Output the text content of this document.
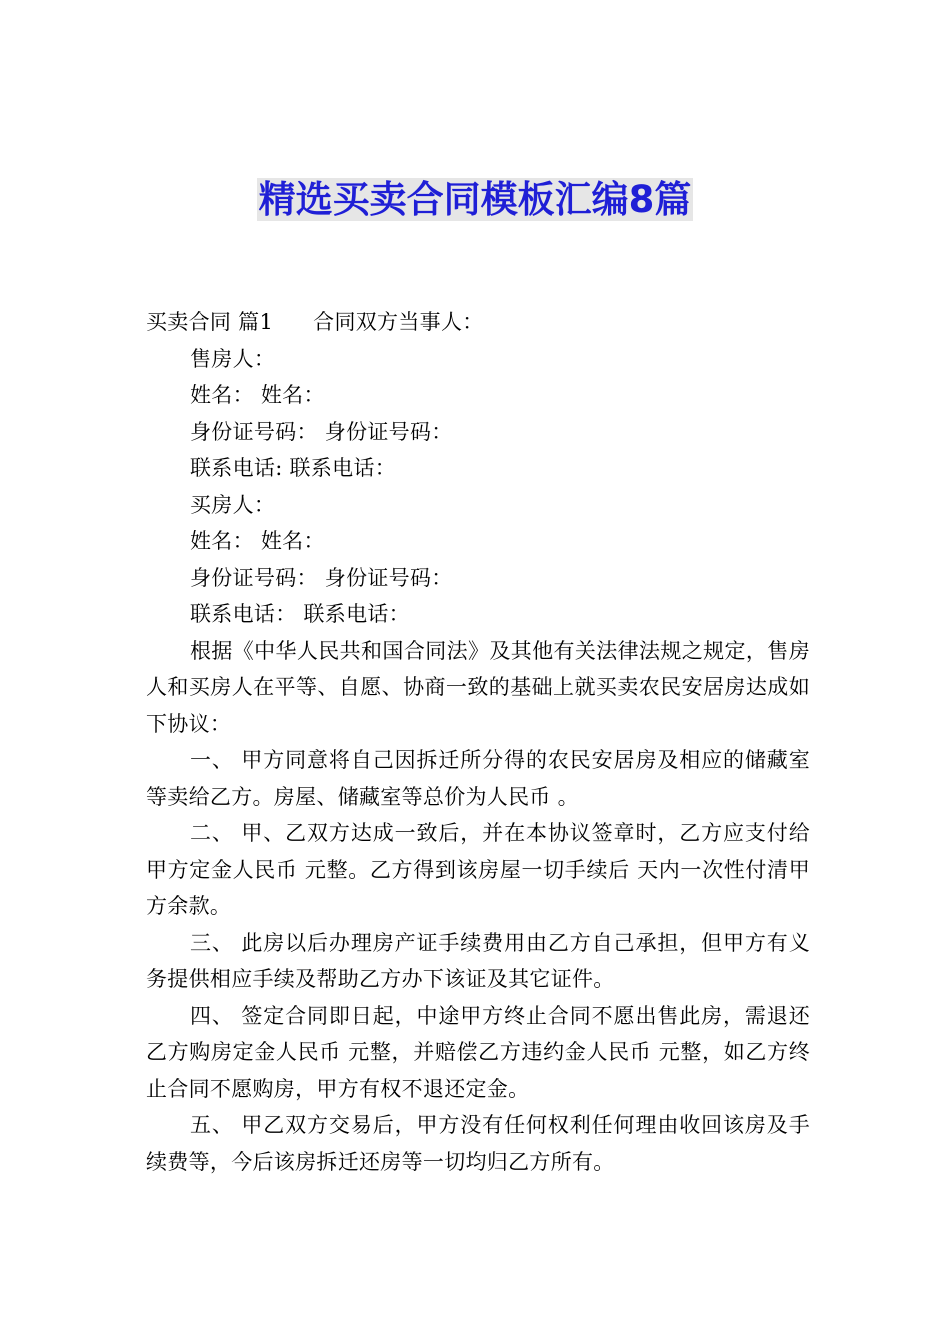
精选买卖合同模板汇编8篇

买卖合同 篇1 合同双方当事人：

售房人：

姓名： 姓名：

身份证号码： 身份证号码：

联系电话: 联系电话：

买房人：

姓名： 姓名：

身份证号码： 身份证号码：

联系电话： 联系电话：

根据《中华人民共和国合同法》及其他有关法律法规之规定，售房人和买房人在平等、自愿、协商一致的基础上就买卖农民安居房达成如下协议：

一、 甲方同意将自己因拆迁所分得的农民安居房及相应的储藏室等卖给乙方。房屋、储藏室等总价为人民币 。

二、 甲、乙双方达成一致后，并在本协议签章时，乙方应支付给甲方定金人民币 元整。乙方得到该房屋一切手续后 天内一次性付清甲方余款。

三、 此房以后办理房产证手续费用由乙方自己承担，但甲方有义务提供相应手续及帮助乙方办下该证及其它证件。

四、 签定合同即日起，中途甲方终止合同不愿出售此房，需退还乙方购房定金人民币 元整，并赔偿乙方违约金人民币 元整，如乙方终止合同不愿购房，甲方有权不退还定金。

五、 甲乙双方交易后，甲方没有任何权利任何理由收回该房及手续费等，今后该房拆迁还房等一切均归乙方所有。
